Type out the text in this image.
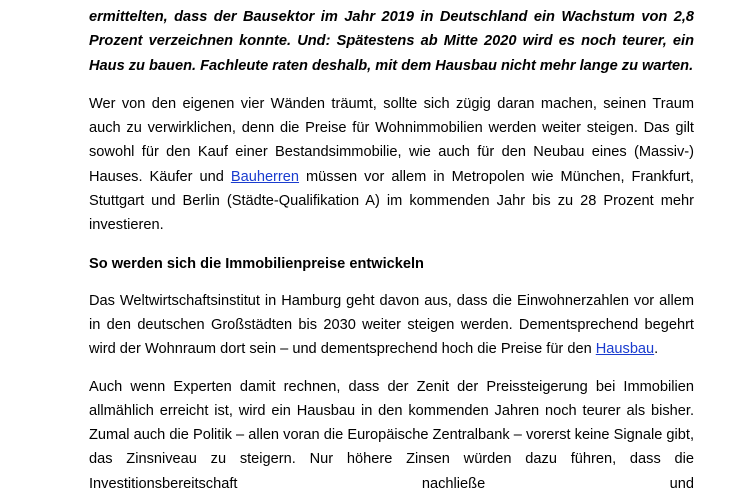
ermittelten, dass der Bausektor im Jahr 2019 in Deutschland ein Wachstum von 2,8 Prozent verzeichnen konnte. Und: Spätestens ab Mitte 2020 wird es noch teurer, ein Haus zu bauen. Fachleute raten deshalb, mit dem Hausbau nicht mehr lange zu warten.

Wer von den eigenen vier Wänden träumt, sollte sich zügig daran machen, seinen Traum auch zu verwirklichen, denn die Preise für Wohnimmobilien werden weiter steigen. Das gilt sowohl für den Kauf einer Bestandsimmobilie, wie auch für den Neubau eines (Massiv-) Hauses. Käufer und Bauherren müssen vor allem in Metropolen wie München, Frankfurt, Stuttgart und Berlin (Städte-Qualifikation A) im kommenden Jahr bis zu 28 Prozent mehr investieren.

So werden sich die Immobilienpreise entwickeln

Das Weltwirtschaftsinstitut in Hamburg geht davon aus, dass die Einwohnerzahlen vor allem in den deutschen Großstädten bis 2030 weiter steigen werden. Dementsprechend begehrt wird der Wohnraum dort sein – und dementsprechend hoch die Preise für den Hausbau.

Auch wenn Experten damit rechnen, dass der Zenit der Preissteigerung bei Immobilien allmählich erreicht ist, wird ein Hausbau in den kommenden Jahren noch teurer als bisher. Zumal auch die Politik – allen voran die Europäische Zentralbank – vorerst keine Signale gibt, das Zinsniveau zu steigern. Nur höhere Zinsen würden dazu führen, dass die Investitionsbereitschaft nachließe und
